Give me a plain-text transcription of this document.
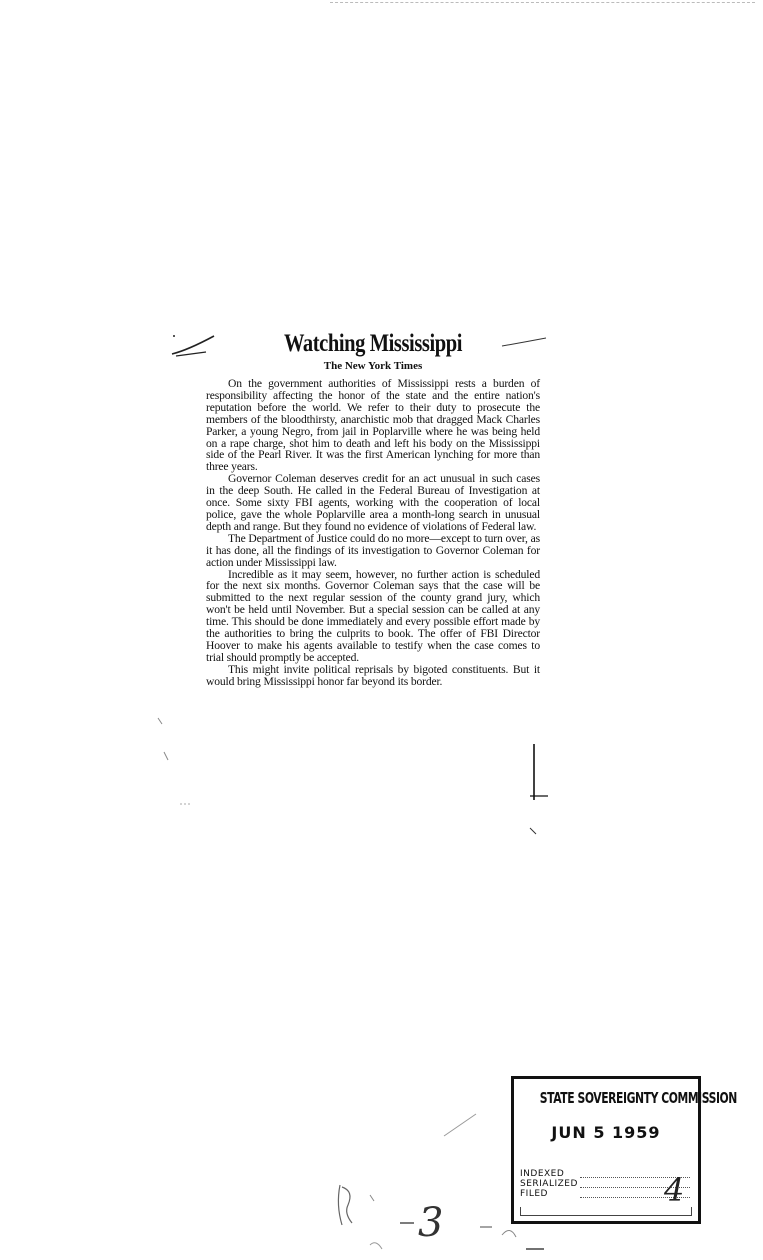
Watching Mississippi
The New York Times

On the government authorities of Mississippi rests a burden of responsibility affecting the honor of the state and the entire nation's reputation before the world. We refer to their duty to prosecute the members of the bloodthirsty, anarchistic mob that dragged Mack Charles Parker, a young Negro, from jail in Poplarville where he was being held on a rape charge, shot him to death and left his body on the Mississippi side of the Pearl River. It was the first American lynching for more than three years.

Governor Coleman deserves credit for an act unusual in such cases in the deep South. He called in the Federal Bureau of Investigation at once. Some sixty FBI agents, working with the cooperation of local police, gave the whole Poplarville area a month-long search in unusual depth and range. But they found no evidence of violations of Federal law.

The Department of Justice could do no more—except to turn over, as it has done, all the findings of its investigation to Governor Coleman for action under Mississippi law.

Incredible as it may seem, however, no further action is scheduled for the next six months. Governor Coleman says that the case will be submitted to the next regular session of the county grand jury, which won't be held until November. But a special session can be called at any time. This should be done immediately and every possible effort made by the authorities to bring the culprits to book. The offer of FBI Director Hoover to make his agents available to testify when the case comes to trial should promptly be accepted.

This might invite political reprisals by bigoted constituents. But it would bring Mississippi honor far beyond its border.

STATE SOVEREIGNTY COMMISSION
JUN 5 1959
INDEXED
SERIALIZED
FILED	4
3
